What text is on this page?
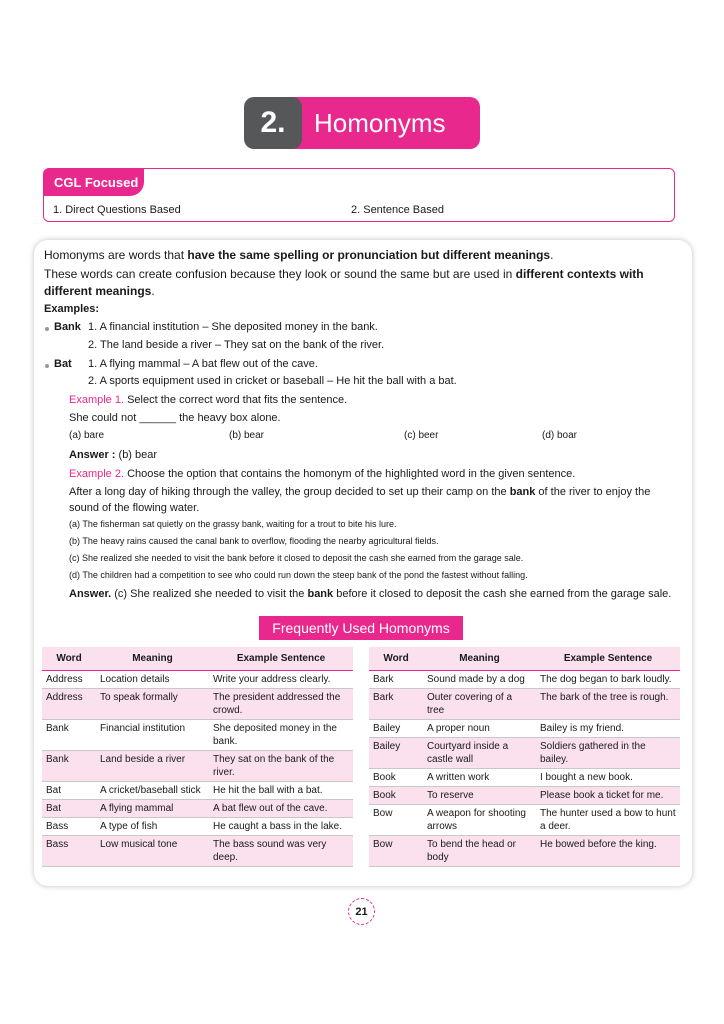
2.	Homonyms
CGL Focused
1. Direct Questions Based	2. Sentence Based
Homonyms are words that have the same spelling or pronunciation but different meanings.
These words can create confusion because they look or sound the same but are used in different contexts with
different meanings.
Examples:
Bank 1. A financial institution – She deposited money in the bank.
2. The land beside a river – They sat on the bank of the river.
Bat 1. A flying mammal – A bat flew out of the cave.
2. A sports equipment used in cricket or baseball – He hit the ball with a bat.
Example 1. Select the correct word that fits the sentence.
She could not ______ the heavy box alone.
(a) bare	(b) bear	(c) beer	(d) boar
Answer : (b) bear
Example 2. Choose the option that contains the homonym of the highlighted word in the given sentence.
After a long day of hiking through the valley, the group decided to set up their camp on the bank of the river to enjoy the
sound of the flowing water.
(a) The fisherman sat quietly on the grassy bank, waiting for a trout to bite his lure.
(b) The heavy rains caused the canal bank to overflow, flooding the nearby agricultural fields.
(c) She realized she needed to visit the bank before it closed to deposit the cash she earned from the garage sale.
(d) The children had a competition to see who could run down the steep bank of the pond the fastest without falling.
Answer. (c) She realized she needed to visit the bank before it closed to deposit the cash she earned from the garage sale.
Frequently Used Homonyms
Word	Meaning	Example Sentence
Address	Location details	Write your address clearly.
Address	To speak formally	The president addressed the crowd.
Bank	Financial institution	She deposited money in the bank.
Bank	Land beside a river	They sat on the bank of the river.
Bat	A cricket/baseball stick	He hit the ball with a bat.
Bat	A flying mammal	A bat flew out of the cave.
Bass	A type of fish	He caught a bass in the lake.
Bass	Low musical tone	The bass sound was very deep.
Word	Meaning	Example Sentence
Bark	Sound made by a dog	The dog began to bark loudly.
Bark	Outer covering of a tree	The bark of the tree is rough.
Bailey	A proper noun	Bailey is my friend.
Bailey	Courtyard inside a castle wall	Soldiers gathered in the bailey.
Book	A written work	I bought a new book.
Book	To reserve	Please book a ticket for me.
Bow	A weapon for shooting arrows	The hunter used a bow to hunt a deer.
Bow	To bend the head or body	He bowed before the king.
21
